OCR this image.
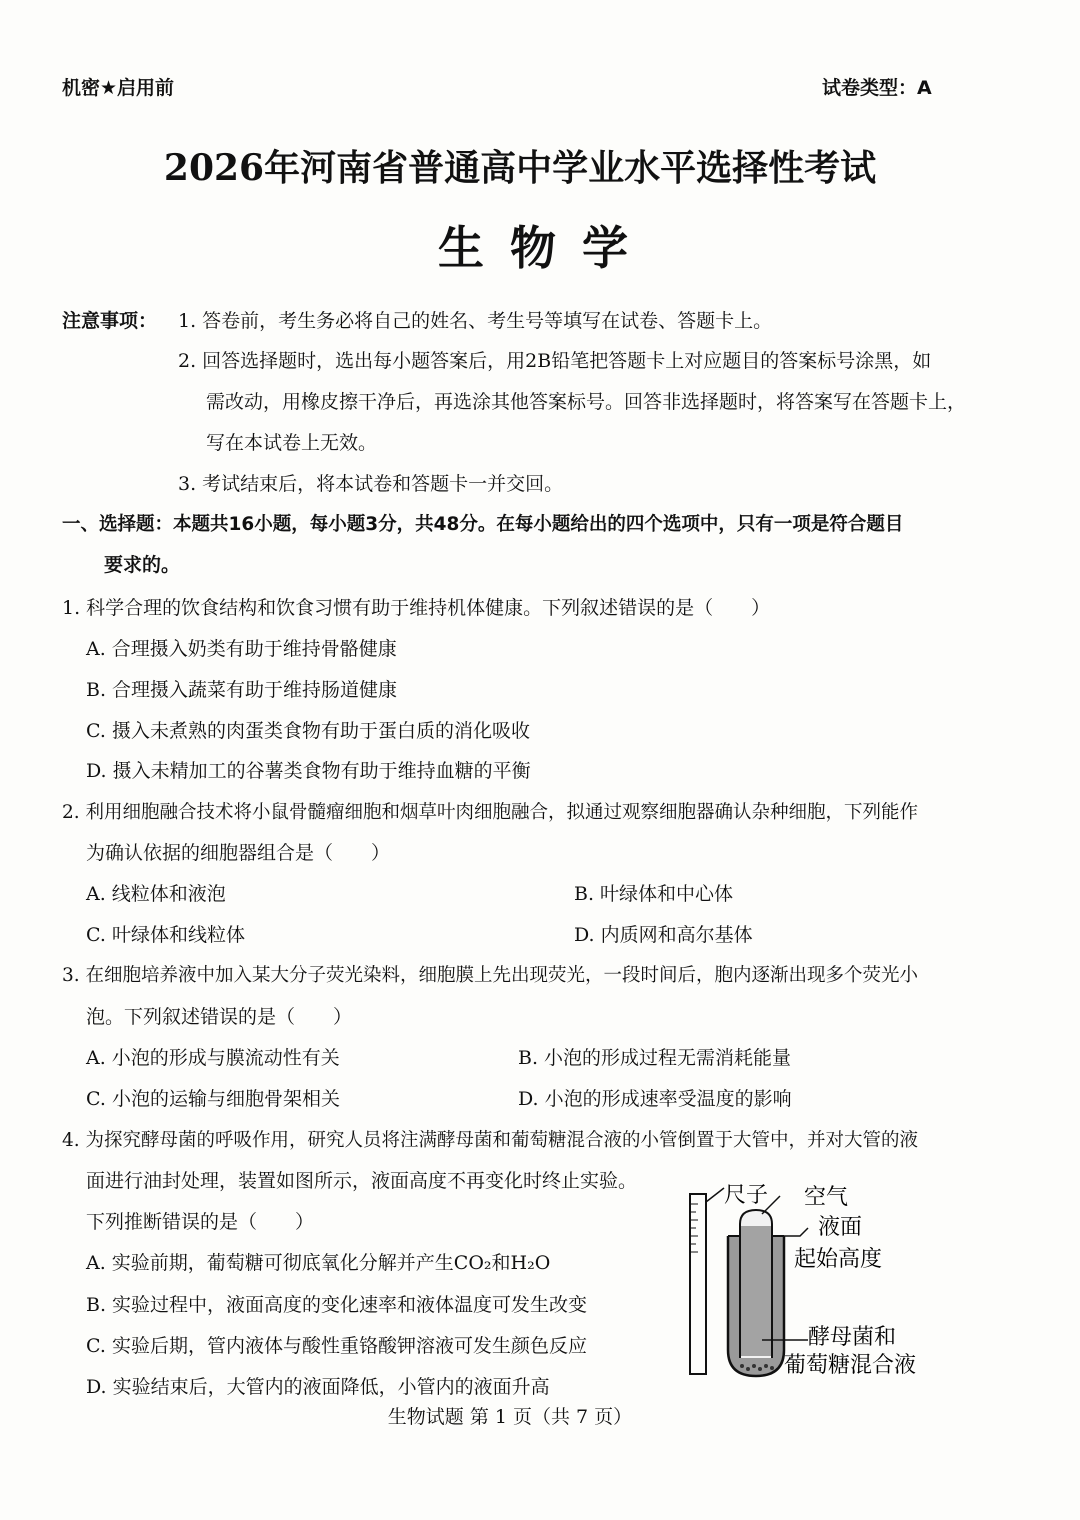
机密★启用前	试卷类型：A
2026年河南省普通高中学业水平选择性考试
生物学
注意事项： 1. 答卷前，考生务必将自己的姓名、考生号等填写在试卷、答题卡上。
2. 回答选择题时，选出每小题答案后，用2B铅笔把答题卡上对应题目的答案标号涂黑，如
需改动，用橡皮擦干净后，再选涂其他答案标号。回答非选择题时，将答案写在答题卡上，
写在本试卷上无效。
3. 考试结束后，将本试卷和答题卡一并交回。
一、选择题：本题共16小题，每小题3分，共48分。在每小题给出的四个选项中，只有一项是符合题目
要求的。
1. 科学合理的饮食结构和饮食习惯有助于维持机体健康。下列叙述错误的是（　　）
A. 合理摄入奶类有助于维持骨骼健康
B. 合理摄入蔬菜有助于维持肠道健康
C. 摄入未煮熟的肉蛋类食物有助于蛋白质的消化吸收
D. 摄入未精加工的谷薯类食物有助于维持血糖的平衡
2. 利用细胞融合技术将小鼠骨髓瘤细胞和烟草叶肉细胞融合，拟通过观察细胞器确认杂种细胞，下列能作
为确认依据的细胞器组合是（　　）
A. 线粒体和液泡	B. 叶绿体和中心体
C. 叶绿体和线粒体	D. 内质网和高尔基体
3. 在细胞培养液中加入某大分子荧光染料，细胞膜上先出现荧光，一段时间后，胞内逐渐出现多个荧光小
泡。下列叙述错误的是（　　）
A. 小泡的形成与膜流动性有关	B. 小泡的形成过程无需消耗能量
C. 小泡的运输与细胞骨架相关	D. 小泡的形成速率受温度的影响
4. 为探究酵母菌的呼吸作用，研究人员将注满酵母菌和葡萄糖混合液的小管倒置于大管中，并对大管的液
面进行油封处理，装置如图所示，液面高度不再变化时终止实验。
下列推断错误的是（　　）
A. 实验前期，葡萄糖可彻底氧化分解并产生CO₂和H₂O
B. 实验过程中，液面高度的变化速率和液体温度可发生改变
C. 实验后期，管内液体与酸性重铬酸钾溶液可发生颜色反应
D. 实验结束后，大管内的液面降低，小管内的液面升高
尺子 空气
液面
起始高度
酵母菌和
葡萄糖混合液
生物试题 第 1 页（共 7 页）
